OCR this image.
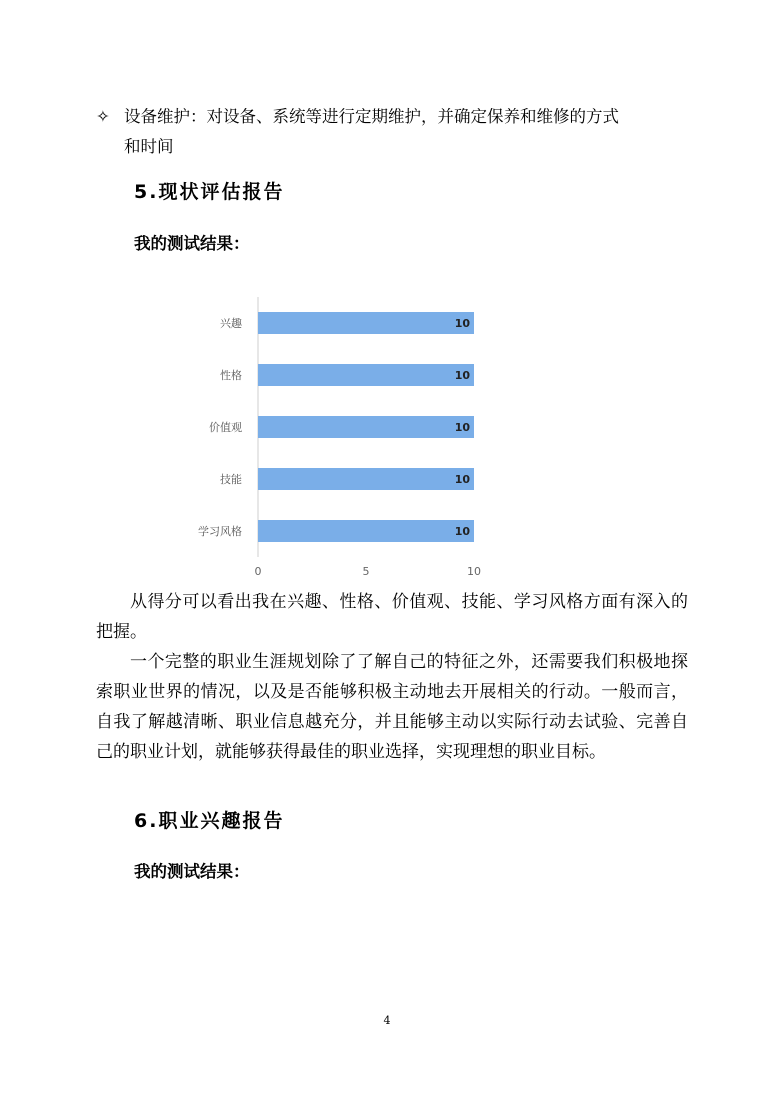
✧ 设备维护：对设备、系统等进行定期维护，并确定保养和维修的方式
和时间
5.现状评估报告
我的测试结果：
0	5	10
兴趣	10
性格	10
价值观	10
技能	10
学习风格	10
从得分可以看出我在兴趣、性格、价值观、技能、学习风格方面有深入的把握。
一个完整的职业生涯规划除了了解自己的特征之外，还需要我们积极地探索职业世界的情况，以及是否能够积极主动地去开展相关的行动。一般而言，自我了解越清晰、职业信息越充分，并且能够主动以实际行动去试验、完善自己的职业计划，就能够获得最佳的职业选择，实现理想的职业目标。
6.职业兴趣报告
我的测试结果：
4
